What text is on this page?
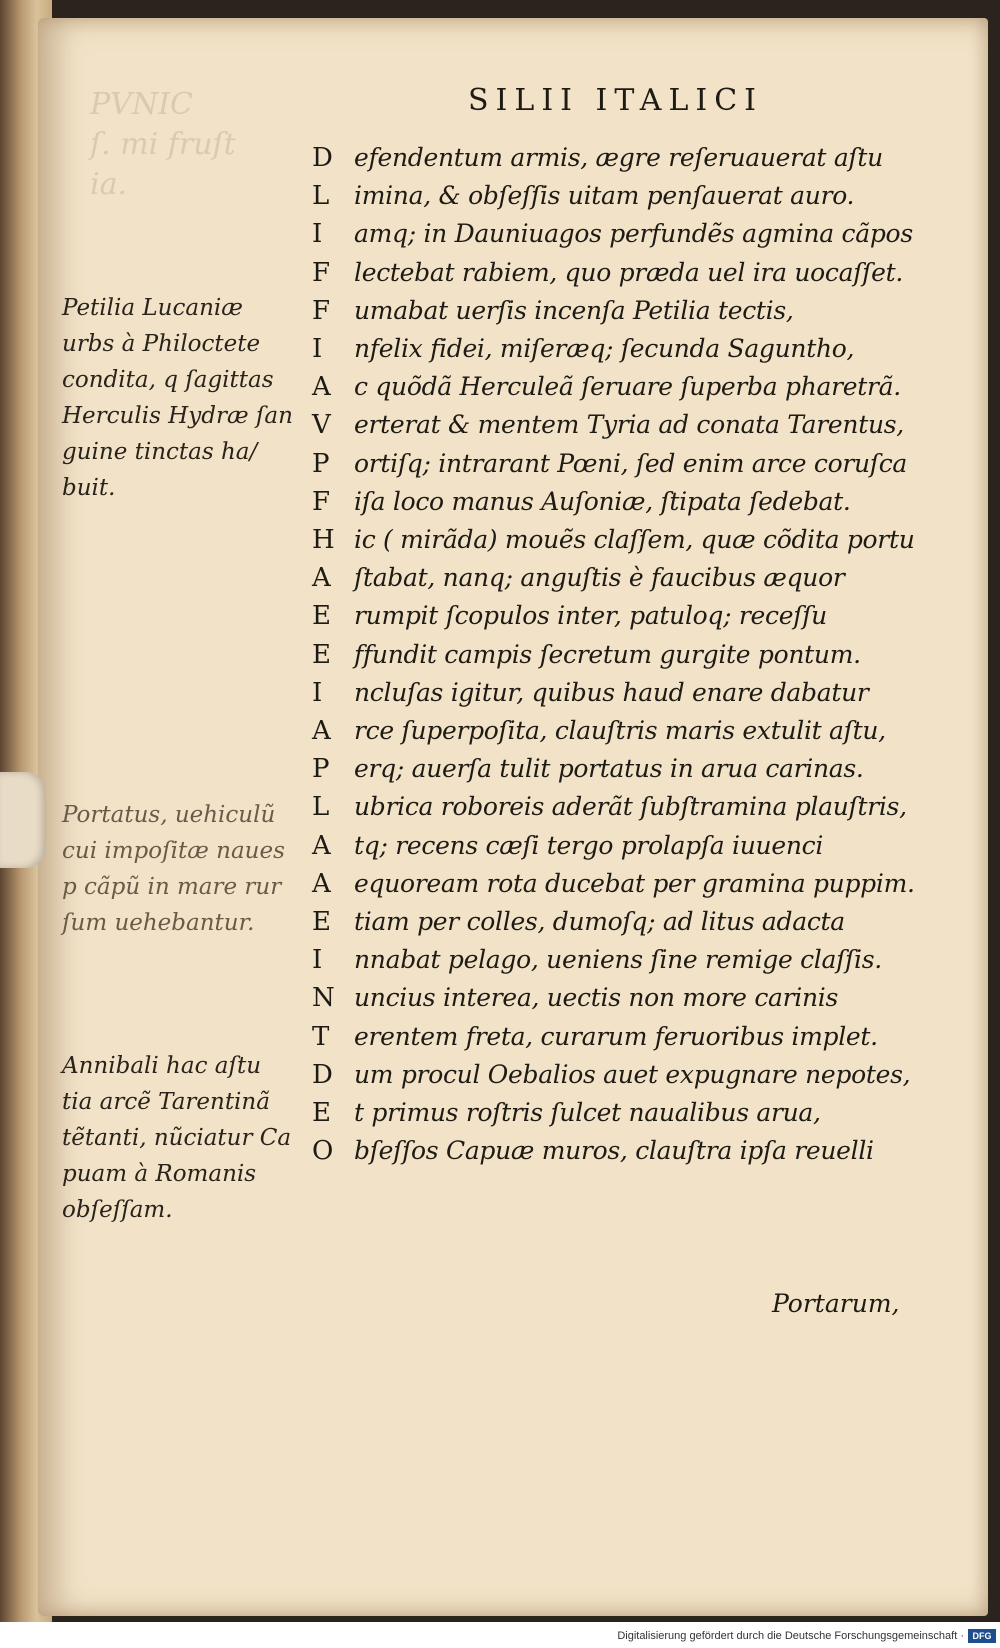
PVNIC
ſ. mi fruſt
ia.
SILII ITALICI
D efendentum armis, ægre reſeruauerat aſtu
L imina, & obſeſſis uitam penſauerat auro.
I	amq; in Dauniuagos perfundẽs agmina cãpos
F lectebat rabiem, quo præda uel ira uocaſſet.
F umabat uerſis incenſa Petilia tectis,
I	nfelix fidei, miſeræq; ſecunda Sagunthо,
A c quõdã Herculeã ſeruare ſuperba pharetrã.
V erterat & mentem Tyria ad conata Tarentus,
P ortiſq; intrarant Pœni, ſed enim arce coruſca
F iſa loco manus Auſoniæ, ſtipata ſedebat.
H ic ( mirãda) mouẽs claſſem, quæ cõdita portu
A ſtabat, nanq; anguſtis è faucibus æquor
E rumpit ſcopulos inter, patuloq; receſſu
E ffundit campis ſecretum gurgite pontum.
I	ncluſas igitur, quibus haud enare dabatur
A rce ſuperpoſita, clauſtris maris extulit aſtu,
P erq; auerſa tulit portatus in arua carinas.
L ubrica roboreis aderãt ſubſtramina plauſtris,
A tq; recens cæſi tergo prolapſa iuuenci
A equoream rota ducebat per gramina puppim.
E tiam per colles, dumoſq; ad litus adacta
I	nnabat pelago, ueniens ſine remige claſſis.
N uncius interea, uectis non more carinis
T erentem freta, curarum feruoribus implet.
D um procul Oebalios auet expugnare nepotes,
E t primus roſtris ſulcet naualibus arua,
O bſeſſos Capuæ muros, clauſtra ipſa reuelli
Portarum,
Petilia Lucaniæ
urbs à Philoctete
condita, q ſagittas
Herculis Hydræ ſan
guine tinctas ha/
buit.
Portatus, uehiculũ
cui impoſitæ naues
p cãpũ in mare rur
ſum uehebantur.
Annibali hac aſtu
tia arcẽ Tarentinã
tẽtanti, nũciatur Ca
puam à Romanis
obſeſſam.
Digitalisierung gefördert durch die Deutsche Forschungsgemeinschaft · DFG
